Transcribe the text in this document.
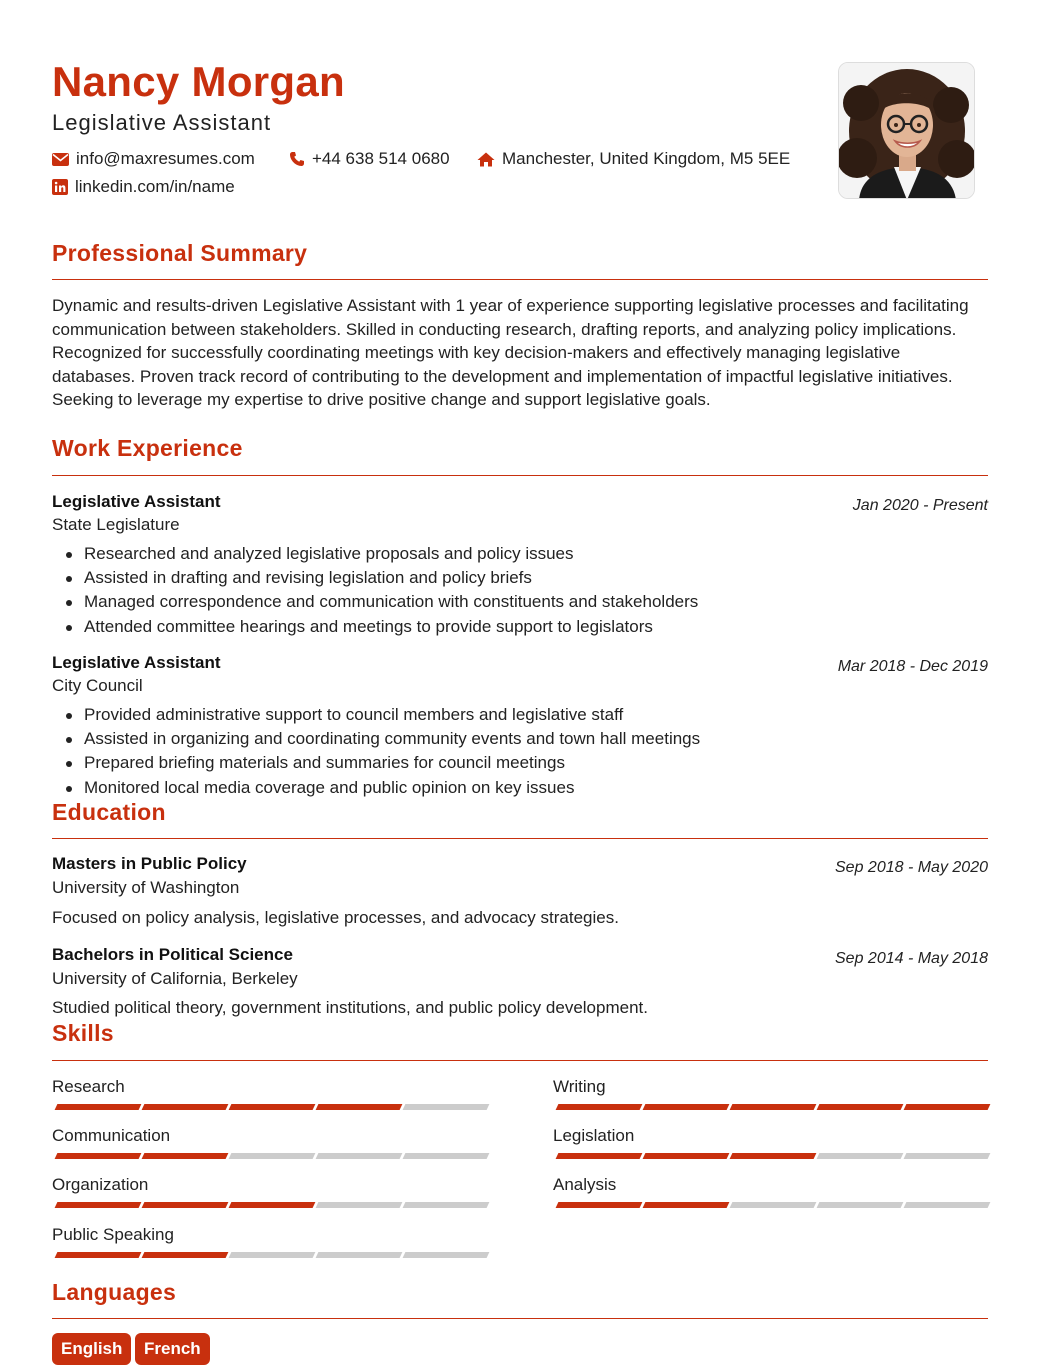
Nancy Morgan
Legislative Assistant
info@maxresumes.com	+44 638 514 0680	Manchester, United Kingdom, M5 5EE
linkedin.com/in/name
Professional Summary
Dynamic and results-driven Legislative Assistant with 1 year of experience supporting legislative processes and facilitating communication between stakeholders. Skilled in conducting research, drafting reports, and analyzing policy implications. Recognized for successfully coordinating meetings with key decision-makers and effectively managing legislative databases. Proven track record of contributing to the development and implementation of impactful legislative initiatives. Seeking to leverage my expertise to drive positive change and support legislative goals.
Work Experience
Legislative Assistant	Jan 2020 - Present
State Legislature
Researched and analyzed legislative proposals and policy issues
Assisted in drafting and revising legislation and policy briefs
Managed correspondence and communication with constituents and stakeholders
Attended committee hearings and meetings to provide support to legislators
Legislative Assistant	Mar 2018 - Dec 2019
City Council
Provided administrative support to council members and legislative staff
Assisted in organizing and coordinating community events and town hall meetings
Prepared briefing materials and summaries for council meetings
Monitored local media coverage and public opinion on key issues
Education
Masters in Public Policy	Sep 2018 - May 2020
University of Washington
Focused on policy analysis, legislative processes, and advocacy strategies.
Bachelors in Political Science	Sep 2014 - May 2018
University of California, Berkeley
Studied political theory, government institutions, and public policy development.
Skills
Research	Writing
Communication	Legislation
Organization	Analysis
Public Speaking
Languages
English	French
